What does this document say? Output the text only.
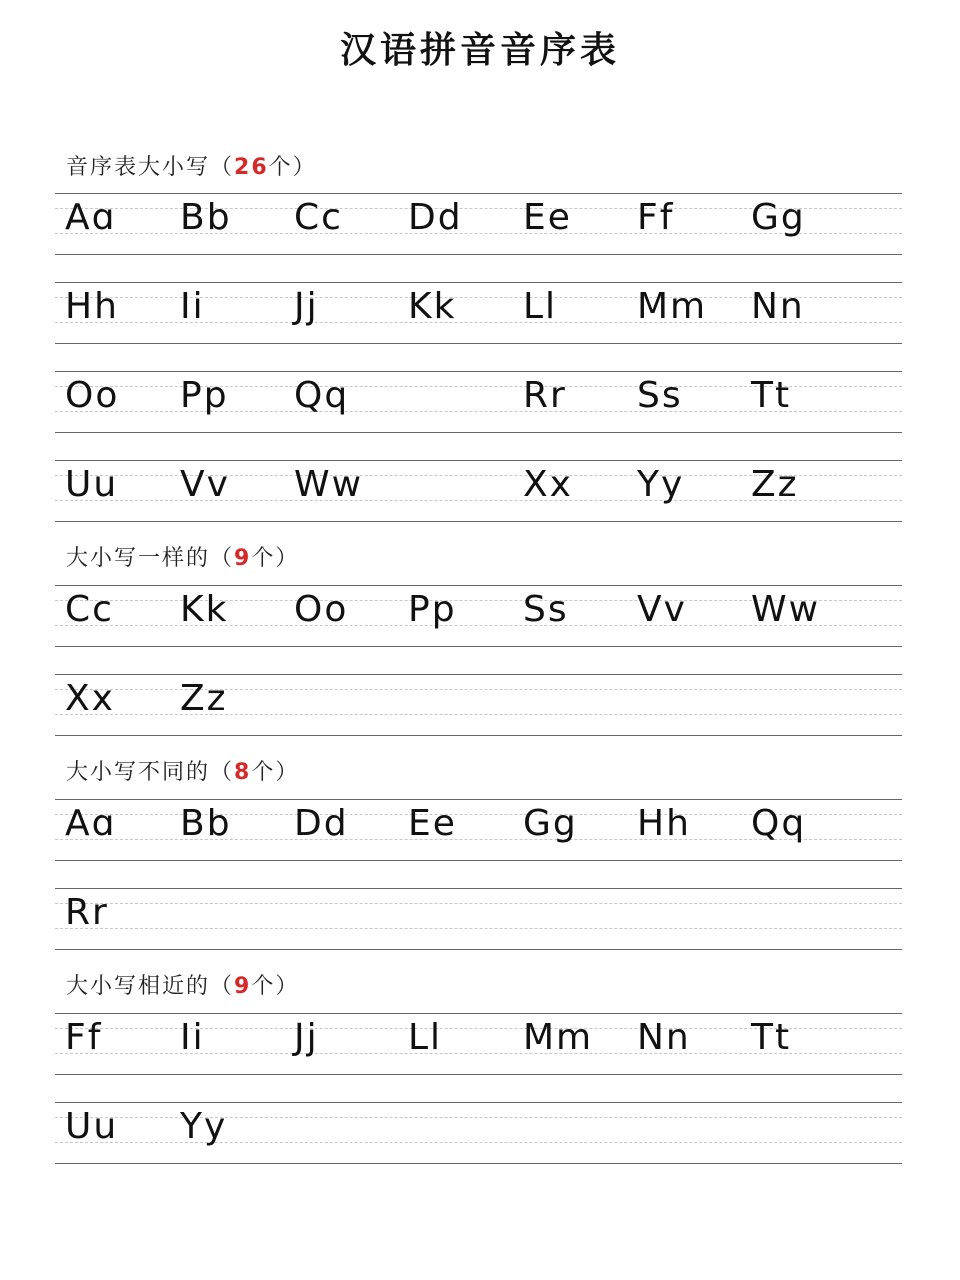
汉语拼音音序表
音序表大小写（26个）
Aɑ Bb Cc Dd Ee Ff Gg
Hh Ii Jj Kk Ll Mm Nn
Oo Pp Qq	Rr Ss Tt
Uu Vv Ww	Xx Yy Zz
大小写一样的（9个）
Cc Kk Oo Pp Ss Vv Ww
Xx Zz
大小写不同的（8个）
Aɑ Bb Dd Ee Gg Hh Qq
Rr
大小写相近的（9个）
Ff Ii Jj Ll Mm Nn Tt
Uu Yy
